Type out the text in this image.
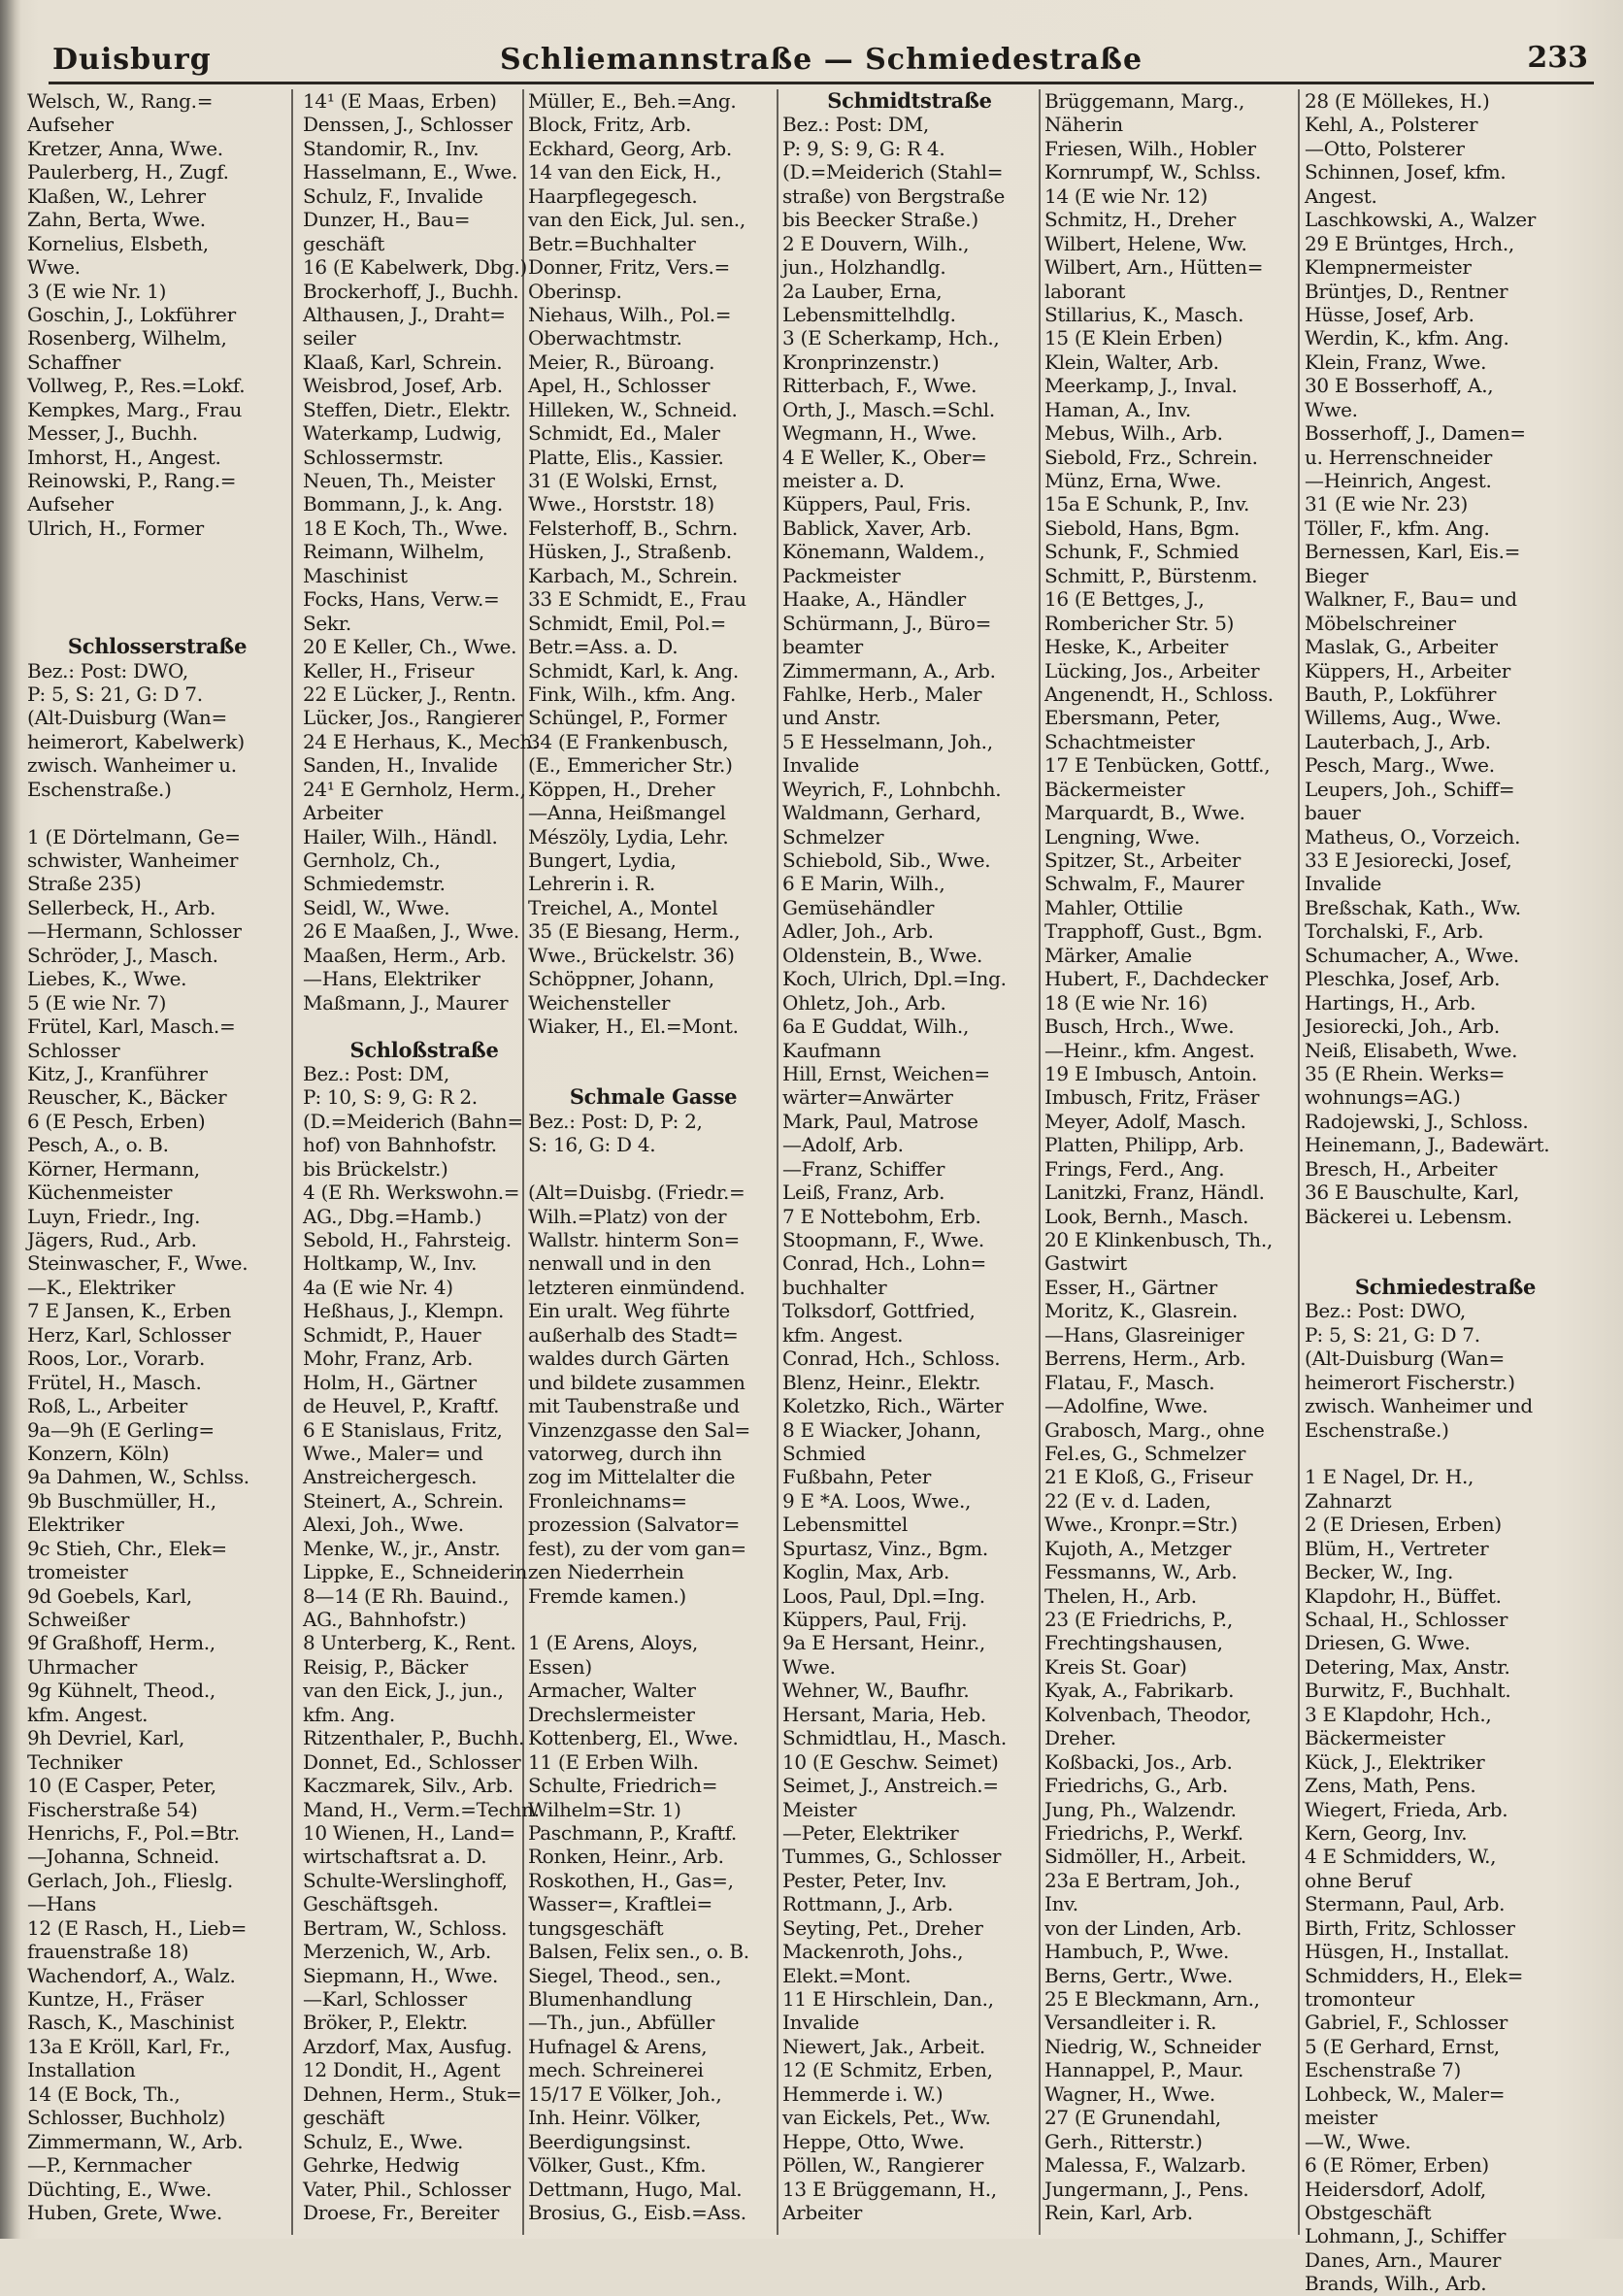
Duisburg	Schliemannstraße — Schmiedestraße	233
Welsch, W., Rang.=
Aufseher
Kretzer, Anna, Wwe.
Paulerberg, H., Zugf.
Klaßen, W., Lehrer
Zahn, Berta, Wwe.
Kornelius, Elsbeth,
Wwe.
3 (E wie Nr. 1)
Goschin, J., Lokführer
Rosenberg, Wilhelm,
Schaffner
Vollweg, P., Res.=Lokf.
Kempkes, Marg., Frau
Messer, J., Buchh.
Imhorst, H., Angest.
Reinowski, P., Rang.=
Aufseher
Ulrich, H., Former
Schlosserstraße
Bez.: Post: DWO,
P: 5, S: 21, G: D 7.
(Alt-Duisburg (Wan=
heimerort, Kabelwerk)
zwisch. Wanheimer u.
Eschenstraße.)
1 (E Dörtelmann, Ge=
schwister, Wanheimer
Straße 235)
Sellerbeck, H., Arb.
—Hermann, Schlosser
Schröder, J., Masch.
Liebes, K., Wwe.
5 (E wie Nr. 7)
Frütel, Karl, Masch.=
Schlosser
Kitz, J., Kranführer
Reuscher, K., Bäcker
6 (E Pesch, Erben)
Pesch, A., o. B.
Körner, Hermann,
Küchenmeister
Luyn, Friedr., Ing.
Jägers, Rud., Arb.
Steinwascher, F., Wwe.
—K., Elektriker
7 E Jansen, K., Erben
Herz, Karl, Schlosser
Roos, Lor., Vorarb.
Frütel, H., Masch.
Roß, L., Arbeiter
9a—9h (E Gerling=
Konzern, Köln)
9a Dahmen, W., Schlss.
9b Buschmüller, H.,
Elektriker
9c Stieh, Chr., Elek=
tromeister
9d Goebels, Karl,
Schweißer
9f Graßhoff, Herm.,
Uhrmacher
9g Kühnelt, Theod.,
kfm. Angest.
9h Devriel, Karl,
Techniker
10 (E Casper, Peter,
Fischerstraße 54)
Henrichs, F., Pol.=Btr.
—Johanna, Schneid.
Gerlach, Joh., Flieslg.
—Hans
12 (E Rasch, H., Lieb=
frauenstraße 18)
Wachendorf, A., Walz.
Kuntze, H., Fräser
Rasch, K., Maschinist
13a E Kröll, Karl, Fr.,
Installation
14 (E Bock, Th.,
Schlosser, Buchholz)
Zimmermann, W., Arb.
—P., Kernmacher
Düchting, E., Wwe.
Huben, Grete, Wwe.
14¹ (E Maas, Erben)
Denssen, J., Schlosser
Standomir, R., Inv.
Hasselmann, E., Wwe.
Schulz, F., Invalide
Dunzer, H., Bau=
geschäft
16 (E Kabelwerk, Dbg.)
Brockerhoff, J., Buchh.
Althausen, J., Draht=
seiler
Klaaß, Karl, Schrein.
Weisbrod, Josef, Arb.
Steffen, Dietr., Elektr.
Waterkamp, Ludwig,
Schlossermstr.
Neuen, Th., Meister
Bommann, J., k. Ang.
18 E Koch, Th., Wwe.
Reimann, Wilhelm,
Maschinist
Focks, Hans, Verw.=
Sekr.
20 E Keller, Ch., Wwe.
Keller, H., Friseur
22 E Lücker, J., Rentn.
Lücker, Jos., Rangierer
24 E Herhaus, K., Mech.
Sanden, H., Invalide
24¹ E Gernholz, Herm.,
Arbeiter
Hailer, Wilh., Händl.
Gernholz, Ch.,
Schmiedemstr.
Seidl, W., Wwe.
26 E Maaßen, J., Wwe.
Maaßen, Herm., Arb.
—Hans, Elektriker
Maßmann, J., Maurer
Schloßstraße
Bez.: Post: DM,
P: 10, S: 9, G: R 2.
(D.=Meiderich (Bahn=
hof) von Bahnhofstr.
bis Brückelstr.)
4 (E Rh. Werkswohn.=
AG., Dbg.=Hamb.)
Sebold, H., Fahrsteig.
Holtkamp, W., Inv.
4a (E wie Nr. 4)
Heßhaus, J., Klempn.
Schmidt, P., Hauer
Mohr, Franz, Arb.
Holm, H., Gärtner
de Heuvel, P., Kraftf.
6 E Stanislaus, Fritz,
Wwe., Maler= und
Anstreichergesch.
Steinert, A., Schrein.
Alexi, Joh., Wwe.
Menke, W., jr., Anstr.
Lippke, E., Schneiderin
8—14 (E Rh. Bauind.,
AG., Bahnhofstr.)
8 Unterberg, K., Rent.
Reisig, P., Bäcker
van den Eick, J., jun.,
kfm. Ang.
Ritzenthaler, P., Buchh.
Donnet, Ed., Schlosser
Kaczmarek, Silv., Arb.
Mand, H., Verm.=Techn.
10 Wienen, H., Land=
wirtschaftsrat a. D.
Schulte-Werslinghoff,
Geschäftsgeh.
Bertram, W., Schloss.
Merzenich, W., Arb.
Siepmann, H., Wwe.
—Karl, Schlosser
Bröker, P., Elektr.
Arzdorf, Max, Ausfug.
12 Dondit, H., Agent
Dehnen, Herm., Stuk=
geschäft
Schulz, E., Wwe.
Gehrke, Hedwig
Vater, Phil., Schlosser
Droese, Fr., Bereiter
Müller, E., Beh.=Ang.
Block, Fritz, Arb.
Eckhard, Georg, Arb.
14 van den Eick, H.,
Haarpflegegesch.
van den Eick, Jul. sen.,
Betr.=Buchhalter
Donner, Fritz, Vers.=
Oberinsp.
Niehaus, Wilh., Pol.=
Oberwachtmstr.
Meier, R., Büroang.
Apel, H., Schlosser
Hilleken, W., Schneid.
Schmidt, Ed., Maler
Platte, Elis., Kassier.
31 (E Wolski, Ernst,
Wwe., Horststr. 18)
Felsterhoff, B., Schrn.
Hüsken, J., Straßenb.
Karbach, M., Schrein.
33 E Schmidt, E., Frau
Schmidt, Emil, Pol.=
Betr.=Ass. a. D.
Schmidt, Karl, k. Ang.
Fink, Wilh., kfm. Ang.
Schüngel, P., Former
34 (E Frankenbusch,
(E., Emmericher Str.)
Köppen, H., Dreher
—Anna, Heißmangel
Mészöly, Lydia, Lehr.
Bungert, Lydia,
Lehrerin i. R.
Treichel, A., Montel
35 (E Biesang, Herm.,
Wwe., Brückelstr. 36)
Schöppner, Johann,
Weichensteller
Wiaker, H., El.=Mont.
Schmale Gasse
Bez.: Post: D, P: 2,
S: 16, G: D 4.
(Alt=Duisbg. (Friedr.=
Wilh.=Platz) von der
Wallstr. hinterm Son=
nenwall und in den
letzteren einmündend.
Ein uralt. Weg führte
außerhalb des Stadt=
waldes durch Gärten
und bildete zusammen
mit Taubenstraße und
Vinzenzgasse den Sal=
vatorweg, durch ihn
zog im Mittelalter die
Fronleichnams=
prozession (Salvator=
fest), zu der vom gan=
zen Niederrhein
Fremde kamen.)
1 (E Arens, Aloys,
Essen)
Armacher, Walter
Drechslermeister
Kottenberg, El., Wwe.
11 (E Erben Wilh.
Schulte, Friedrich=
Wilhelm=Str. 1)
Paschmann, P., Kraftf.
Ronken, Heinr., Arb.
Roskothen, H., Gas=,
Wasser=, Kraftlei=
tungsgeschäft
Balsen, Felix sen., o. B.
Siegel, Theod., sen.,
Blumenhandlung
—Th., jun., Abfüller
Hufnagel & Arens,
mech. Schreinerei
15/17 E Völker, Joh.,
Inh. Heinr. Völker,
Beerdigungsinst.
Völker, Gust., Kfm.
Dettmann, Hugo, Mal.
Brosius, G., Eisb.=Ass.
Schmidtstraße
Bez.: Post: DM,
P: 9, S: 9, G: R 4.
(D.=Meiderich (Stahl=
straße) von Bergstraße
bis Beecker Straße.)
2 E Douvern, Wilh.,
jun., Holzhandlg.
2a Lauber, Erna,
Lebensmittelhdlg.
3 (E Scherkamp, Hch.,
Kronprinzenstr.)
Ritterbach, F., Wwe.
Orth, J., Masch.=Schl.
Wegmann, H., Wwe.
4 E Weller, K., Ober=
meister a. D.
Küppers, Paul, Fris.
Bablick, Xaver, Arb.
Könemann, Waldem.,
Packmeister
Haake, A., Händler
Schürmann, J., Büro=
beamter
Zimmermann, A., Arb.
Fahlke, Herb., Maler
und Anstr.
5 E Hesselmann, Joh.,
Invalide
Weyrich, F., Lohnbchh.
Waldmann, Gerhard,
Schmelzer
Schiebold, Sib., Wwe.
6 E Marin, Wilh.,
Gemüsehändler
Adler, Joh., Arb.
Oldenstein, B., Wwe.
Koch, Ulrich, Dpl.=Ing.
Ohletz, Joh., Arb.
6a E Guddat, Wilh.,
Kaufmann
Hill, Ernst, Weichen=
wärter=Anwärter
Mark, Paul, Matrose
—Adolf, Arb.
—Franz, Schiffer
Leiß, Franz, Arb.
7 E Nottebohm, Erb.
Stoopmann, F., Wwe.
Conrad, Hch., Lohn=
buchhalter
Tolksdorf, Gottfried,
kfm. Angest.
Conrad, Hch., Schloss.
Blenz, Heinr., Elektr.
Koletzko, Rich., Wärter
8 E Wiacker, Johann,
Schmied
Fußbahn, Peter
9 E *A. Loos, Wwe.,
Lebensmittel
Spurtasz, Vinz., Bgm.
Koglin, Max, Arb.
Loos, Paul, Dpl.=Ing.
Küppers, Paul, Frij.
9a E Hersant, Heinr.,
Wwe.
Wehner, W., Baufhr.
Hersant, Maria, Heb.
Schmidtlau, H., Masch.
10 (E Geschw. Seimet)
Seimet, J., Anstreich.=
Meister
—Peter, Elektriker
Tummes, G., Schlosser
Pester, Peter, Inv.
Rottmann, J., Arb.
Seyting, Pet., Dreher
Mackenroth, Johs.,
Elekt.=Mont.
11 E Hirschlein, Dan.,
Invalide
Niewert, Jak., Arbeit.
12 (E Schmitz, Erben,
Hemmerde i. W.)
van Eickels, Pet., Ww.
Heppe, Otto, Wwe.
Pöllen, W., Rangierer
13 E Brüggemann, H.,
Arbeiter
Brüggemann, Marg.,
Näherin
Friesen, Wilh., Hobler
Kornrumpf, W., Schlss.
14 (E wie Nr. 12)
Schmitz, H., Dreher
Wilbert, Helene, Ww.
Wilbert, Arn., Hütten=
laborant
Stillarius, K., Masch.
15 (E Klein Erben)
Klein, Walter, Arb.
Meerkamp, J., Inval.
Haman, A., Inv.
Mebus, Wilh., Arb.
Siebold, Frz., Schrein.
Münz, Erna, Wwe.
15a E Schunk, P., Inv.
Siebold, Hans, Bgm.
Schunk, F., Schmied
Schmitt, P., Bürstenm.
16 (E Bettges, J.,
Rombericher Str. 5)
Heske, K., Arbeiter
Lücking, Jos., Arbeiter
Angenendt, H., Schloss.
Ebersmann, Peter,
Schachtmeister
17 E Tenbücken, Gottf.,
Bäckermeister
Marquardt, B., Wwe.
Lengning, Wwe.
Spitzer, St., Arbeiter
Schwalm, F., Maurer
Mahler, Ottilie
Trapphoff, Gust., Bgm.
Märker, Amalie
Hubert, F., Dachdecker
18 (E wie Nr. 16)
Busch, Hrch., Wwe.
—Heinr., kfm. Angest.
19 E Imbusch, Antoin.
Imbusch, Fritz, Fräser
Meyer, Adolf, Masch.
Platten, Philipp, Arb.
Frings, Ferd., Ang.
Lanitzki, Franz, Händl.
Look, Bernh., Masch.
20 E Klinkenbusch, Th.,
Gastwirt
Esser, H., Gärtner
Moritz, K., Glasrein.
—Hans, Glasreiniger
Berrens, Herm., Arb.
Flatau, F., Masch.
—Adolfine, Wwe.
Grabosch, Marg., ohne
Fel.es, G., Schmelzer
21 E Kloß, G., Friseur
22 (E v. d. Laden,
Wwe., Kronpr.=Str.)
Kujoth, A., Metzger
Fessmanns, W., Arb.
Thelen, H., Arb.
23 (E Friedrichs, P.,
Frechtingshausen,
Kreis St. Goar)
Kyak, A., Fabrikarb.
Kolvenbach, Theodor,
Dreher.
Koßbacki, Jos., Arb.
Friedrichs, G., Arb.
Jung, Ph., Walzendr.
Friedrichs, P., Werkf.
Sidmöller, H., Arbeit.
23a E Bertram, Joh.,
Inv.
von der Linden, Arb.
Hambuch, P., Wwe.
Berns, Gertr., Wwe.
25 E Bleckmann, Arn.,
Versandleiter i. R.
Niedrig, W., Schneider
Hannappel, P., Maur.
Wagner, H., Wwe.
27 (E Grunendahl,
Gerh., Ritterstr.)
Malessa, F., Walzarb.
Jungermann, J., Pens.
Rein, Karl, Arb.
28 (E Möllekes, H.)
Kehl, A., Polsterer
—Otto, Polsterer
Schinnen, Josef, kfm.
Angest.
Laschkowski, A., Walzer
29 E Brüntges, Hrch.,
Klempnermeister
Brüntjes, D., Rentner
Hüsse, Josef, Arb.
Werdin, K., kfm. Ang.
Klein, Franz, Wwe.
30 E Bosserhoff, A.,
Wwe.
Bosserhoff, J., Damen=
u. Herrenschneider
—Heinrich, Angest.
31 (E wie Nr. 23)
Töller, F., kfm. Ang.
Bernessen, Karl, Eis.=
Bieger
Walkner, F., Bau= und
Möbelschreiner
Maslak, G., Arbeiter
Küppers, H., Arbeiter
Bauth, P., Lokführer
Willems, Aug., Wwe.
Lauterbach, J., Arb.
Pesch, Marg., Wwe.
Leupers, Joh., Schiff=
bauer
Matheus, O., Vorzeich.
33 E Jesiorecki, Josef,
Invalide
Breßschak, Kath., Ww.
Torchalski, F., Arb.
Schumacher, A., Wwe.
Pleschka, Josef, Arb.
Hartings, H., Arb.
Jesiorecki, Joh., Arb.
Neiß, Elisabeth, Wwe.
35 (E Rhein. Werks=
wohnungs=AG.)
Radojewski, J., Schloss.
Heinemann, J., Badewärt.
Bresch, H., Arbeiter
36 E Bauschulte, Karl,
Bäckerei u. Lebensm.
Schmiedestraße
Bez.: Post: DWO,
P: 5, S: 21, G: D 7.
(Alt-Duisburg (Wan=
heimerort Fischerstr.)
zwisch. Wanheimer und
Eschenstraße.)
1 E Nagel, Dr. H.,
Zahnarzt
2 (E Driesen, Erben)
Blüm, H., Vertreter
Becker, W., Ing.
Klapdohr, H., Büffet.
Schaal, H., Schlosser
Driesen, G. Wwe.
Detering, Max, Anstr.
Burwitz, F., Buchhalt.
3 E Klapdohr, Hch.,
Bäckermeister
Kück, J., Elektriker
Zens, Math, Pens.
Wiegert, Frieda, Arb.
Kern, Georg, Inv.
4 E Schmidders, W.,
ohne Beruf
Stermann, Paul, Arb.
Birth, Fritz, Schlosser
Hüsgen, H., Installat.
Schmidders, H., Elek=
tromonteur
Gabriel, F., Schlosser
5 (E Gerhard, Ernst,
Eschenstraße 7)
Lohbeck, W., Maler=
meister
—W., Wwe.
6 (E Römer, Erben)
Heidersdorf, Adolf,
Obstgeschäft
Lohmann, J., Schiffer
Danes, Arn., Maurer
Brands, Wilh., Arb.
